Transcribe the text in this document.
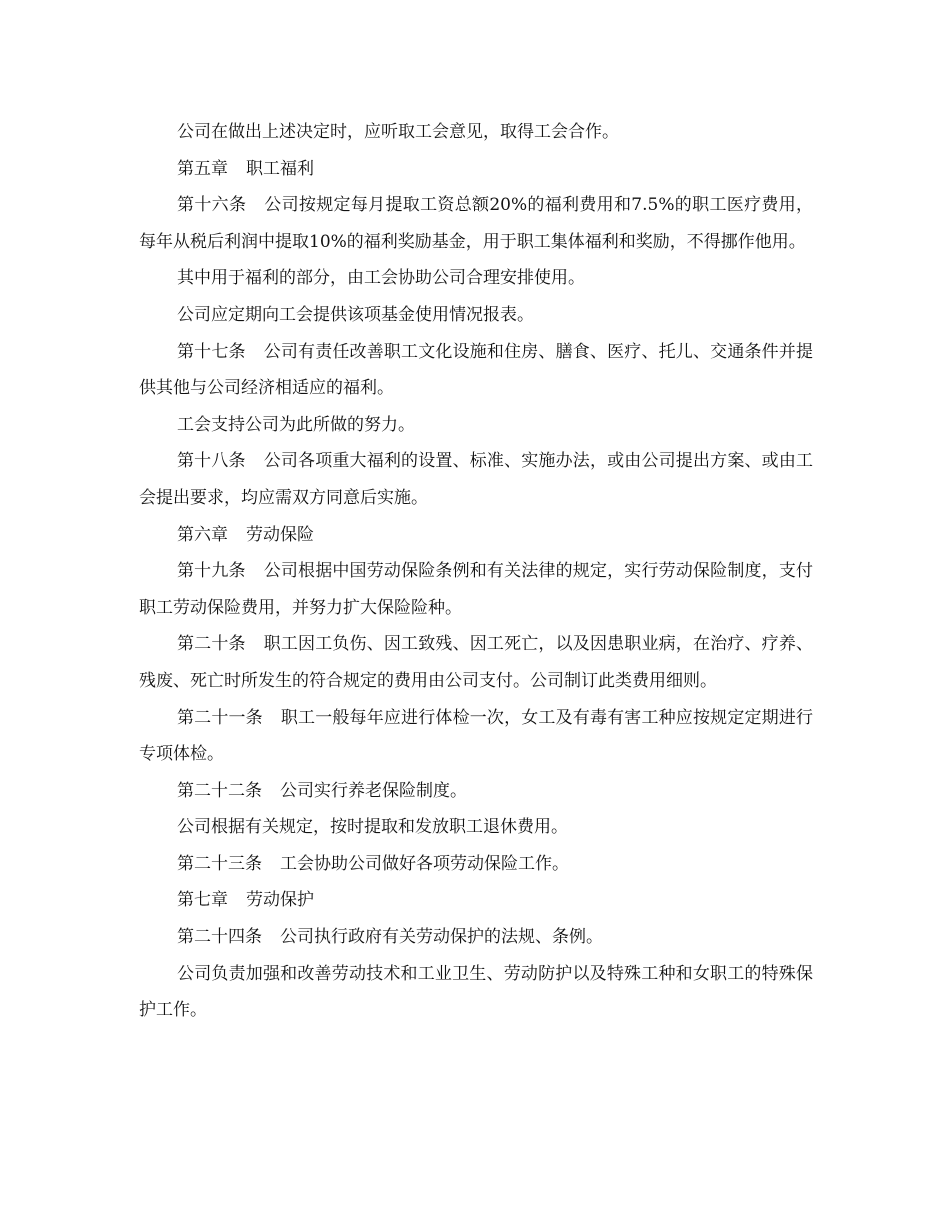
公司在做出上述决定时，应听取工会意见，取得工会合作。

第五章 职工福利

第十六条 公司按规定每月提取工资总额20%的福利费用和7.5%的职工医疗费用，每年从税后利润中提取10%的福利奖励基金，用于职工集体福利和奖励，不得挪作他用。

其中用于福利的部分，由工会协助公司合理安排使用。

公司应定期向工会提供该项基金使用情况报表。

第十七条 公司有责任改善职工文化设施和住房、膳食、医疗、托儿、交通条件并提供其他与公司经济相适应的福利。

工会支持公司为此所做的努力。

第十八条 公司各项重大福利的设置、标准、实施办法，或由公司提出方案、或由工会提出要求，均应需双方同意后实施。

第六章 劳动保险

第十九条 公司根据中国劳动保险条例和有关法律的规定，实行劳动保险制度，支付职工劳动保险费用，并努力扩大保险险种。

第二十条 职工因工负伤、因工致残、因工死亡，以及因患职业病，在治疗、疗养、残废、死亡时所发生的符合规定的费用由公司支付。公司制订此类费用细则。

第二十一条 职工一般每年应进行体检一次，女工及有毒有害工种应按规定定期进行专项体检。

第二十二条 公司实行养老保险制度。

公司根据有关规定，按时提取和发放职工退休费用。

第二十三条 工会协助公司做好各项劳动保险工作。

第七章 劳动保护

第二十四条 公司执行政府有关劳动保护的法规、条例。

公司负责加强和改善劳动技术和工业卫生、劳动防护以及特殊工种和女职工的特殊保护工作。
